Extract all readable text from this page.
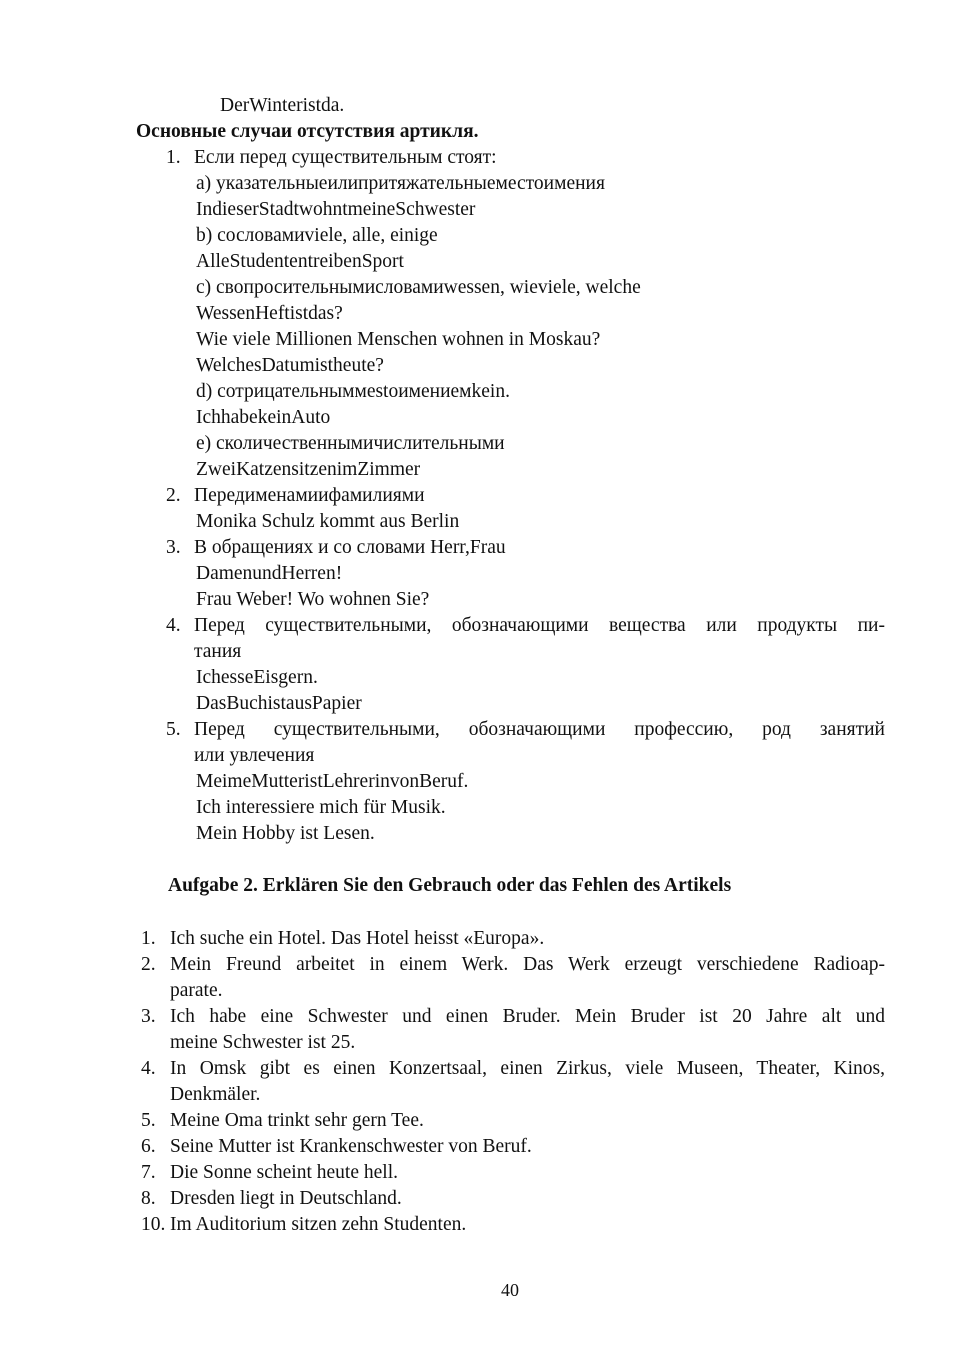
DerWinteristda.
Основные случаи отсутствия артикля.
1. Если перед существительным стоят:
a) указательныеилипритяжательныеместоимения
IndieserStadtwohntmeineSchwester
b) сословамиviele, alle, einige
AlleStudententreibenSport
c) свопросительнымисловамиwessen, wieviele, welche
WessenHeftistdas?
Wie viele Millionen Menschen wohnen in Moskau?
WelchesDatumistheute?
d) сотрицательныммestoимениемkein.
IchhabekeinAuto
e) сколичественнымичислительными
ZweiKatzensitzenimZimmer
2. Передименамиифамилиями
Monika Schulz kommt aus Berlin
3. В обращениях и со словами Herr,Frau
DamenundHerren!
Frau Weber! Wo wohnen Sie?
4. Перед существительными, обозначающими вещества или продукты пи-
тания
IchesseEisgern.
DasBuchistausPapier
5. Перед существительными, обозначающими профессию, род занятий
или увлечения
MeimeMutteristLehrerinvonBeruf.
Ich interessiere mich für Musik.
Mein Hobby ist Lesen.
Aufgabe 2. Erklären Sie den Gebrauch oder das Fehlen des Artikels
1. Ich suche ein Hotel. Das Hotel heisst «Europa».
2. Mein Freund arbeitet in einem Werk. Das Werk erzeugt verschiedene Radioap-
parate.
3. Ich habe eine Schwester und einen Bruder. Mein Bruder ist 20 Jahre alt und
meine Schwester ist 25.
4. In Omsk gibt es einen Konzertsaal, einen Zirkus, viele Museen, Theater, Kinos,
Denkmäler.
5. Meine Oma trinkt sehr gern Tee.
6. Seine Mutter ist Krankenschwester von Beruf.
7. Die Sonne scheint heute hell.
8. Dresden liegt in Deutschland.
10. Im Auditorium sitzen zehn Studenten.
40
